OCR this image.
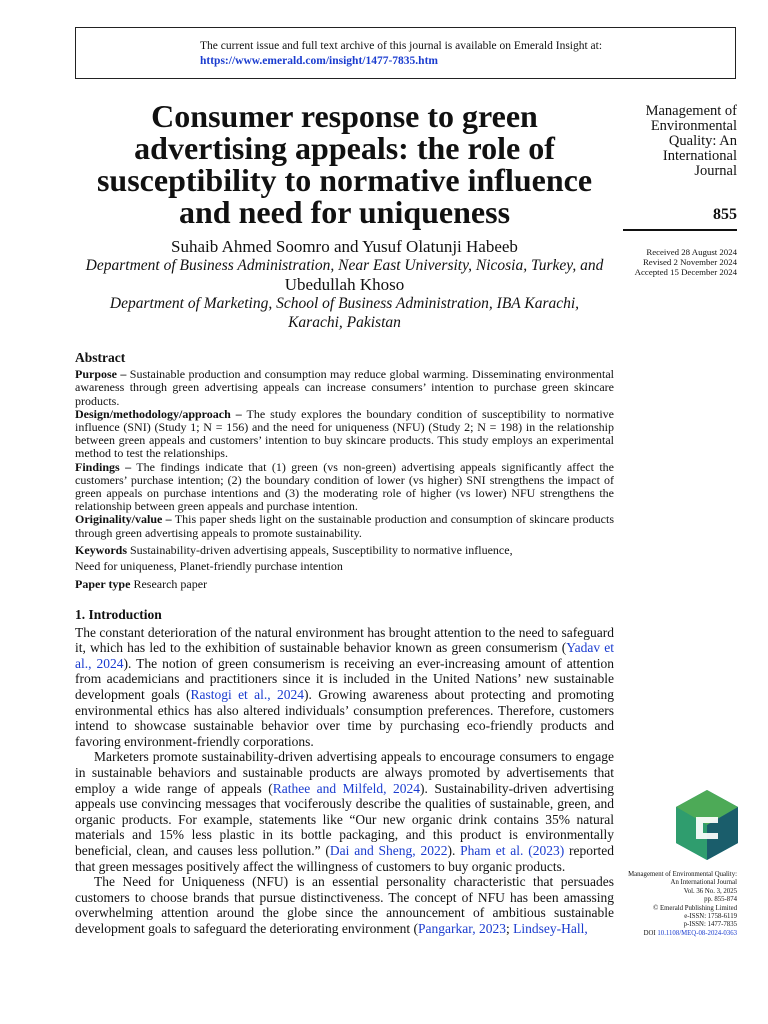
The current issue and full text archive of this journal is available on Emerald Insight at:
https://www.emerald.com/insight/1477-7835.htm
Consumer response to green
advertising appeals: the role of
susceptibility to normative influence
and need for uniqueness
Suhaib Ahmed Soomro and Yusuf Olatunji Habeeb
Department of Business Administration, Near East University, Nicosia, Turkey, and
Ubedullah Khoso
Department of Marketing, School of Business Administration, IBA Karachi,
Karachi, Pakistan
Management of
Environmental
Quality: An
International
Journal
855
Received 28 August 2024
Revised 2 November 2024
Accepted 15 December 2024
Abstract

Purpose – Sustainable production and consumption may reduce global warming. Disseminating environmental awareness through green advertising appeals can increase consumers’ intention to purchase green skincare products.

Design/methodology/approach – The study explores the boundary condition of susceptibility to normative influence (SNI) (Study 1; N = 156) and the need for uniqueness (NFU) (Study 2; N = 198) in the relationship between green appeals and customers’ intention to buy skincare products. This study employs an experimental method to test the relationships.

Findings – The findings indicate that (1) green (vs non-green) advertising appeals significantly affect the customers’ purchase intention; (2) the boundary condition of lower (vs higher) SNI strengthens the impact of green appeals on purchase intentions and (3) the moderating role of higher (vs lower) NFU strengthens the relationship between green appeals and purchase intention.

Originality/value – This paper sheds light on the sustainable production and consumption of skincare products through green advertising appeals to promote sustainability.

Keywords Sustainability-driven advertising appeals, Susceptibility to normative influence,
Need for uniqueness, Planet-friendly purchase intention

Paper type Research paper

1. Introduction

The constant deterioration of the natural environment has brought attention to the need to safeguard it, which has led to the exhibition of sustainable behavior known as green consumerism (Yadav et al., 2024). The notion of green consumerism is receiving an ever-increasing amount of attention from academicians and practitioners since it is included in the United Nations’ new sustainable development goals (Rastogi et al., 2024). Growing awareness about protecting and promoting environmental ethics has also altered individuals’ consumption preferences. Therefore, customers intend to showcase sustainable behavior over time by purchasing eco-friendly products and favoring environment-friendly corporations.

Marketers promote sustainability-driven advertising appeals to encourage consumers to engage in sustainable behaviors and sustainable products are always promoted by advertisements that employ a wide range of appeals (Rathee and Milfeld, 2024). Sustainability-driven advertising appeals use convincing messages that vociferously describe the qualities of sustainable, green, and organic products. For example, statements like “Our new organic drink contains 35% natural materials and 15% less plastic in its bottle packaging, and this product is environmentally beneficial, clean, and causes less pollution.” (Dai and Sheng, 2022). Pham et al. (2023) reported that green messages positively affect the willingness of customers to buy organic products.

The Need for Uniqueness (NFU) is an essential personality characteristic that persuades customers to choose brands that pursue distinctiveness. The concept of NFU has been amassing overwhelming attention around the globe since the announcement of ambitious sustainable development goals to safeguard the deteriorating environment (Pangarkar, 2023; Lindsey-Hall,

Management of Environmental Quality:
An International Journal
Vol. 36 No. 3, 2025
pp. 855-874
© Emerald Publishing Limited
e-ISSN: 1758-6119
p-ISSN: 1477-7835
DOI 10.1108/MEQ-08-2024-0363
